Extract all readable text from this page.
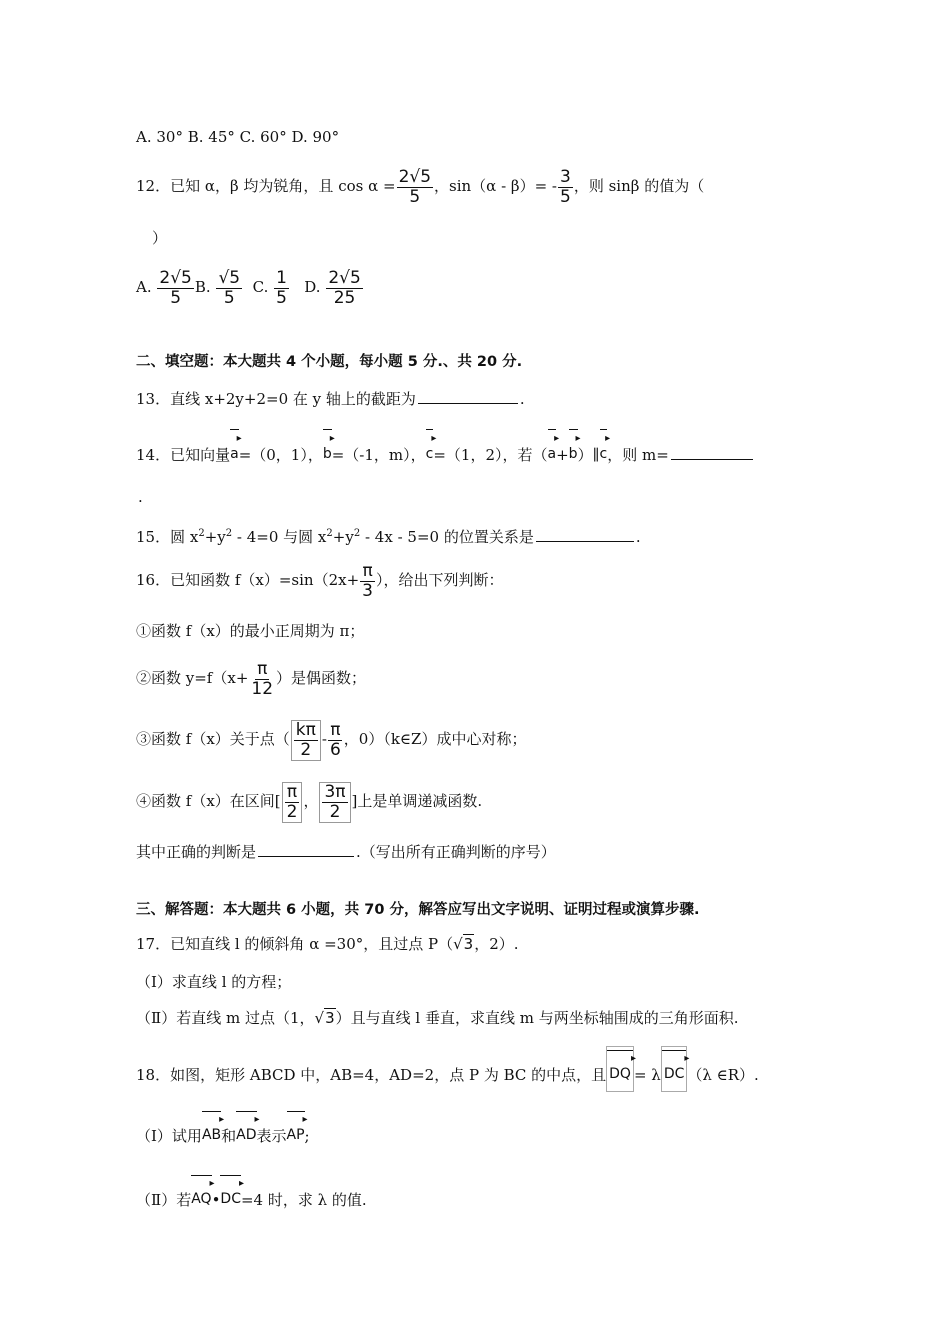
A. 30° B. 45° C. 60° D. 90°
12．已知 α，β 均为锐角，且 $\cos \alpha = \frac{2√5}{5}$ ，$\sin(\alpha - \beta)= - \frac{3}{5}$ ，则 sinβ 的值为（
）
A. $\frac{2√5}{5} B$. $\frac{√5}{5} C$. $\frac{1}{5} D$. $\frac{2√5}{25}$
二、填空题：本大题共 4 个小题，每小题 5 分.、共 20 分.
13．直线 x+2y+2=0 在 y 轴上的截距为	.
14．已知向量a ▸=（0，1），b ▸=（-1，m），c ▸=（1，2），若（a ▸+b ▸）∥c ▸，则 m=
.
15．圆 $x^2+y^2 - 4=0$ 与圆 $x^2+y^2 - 4x - 5=0$ 的位置关系是	.
16．已知函数 $f(x)=\sin(2x+ \frac{\pi}{3}$ ），给出下列判断：
①函数 f（x）的最小正周期为 π；
②函数 $y=f(x+ \frac{\pi}{12}$ ）是偶函数；
③函数 f（x）关于点（ $\frac{k\pi}{2} - \frac{\pi}{6}$ ，0）（k∈Z）成中心对称；
④函数 f（x）在区间[ $\frac{\pi}{2}$ ， $\frac{3\pi}{2}$ ]上是单调递减函数.
其中正确的判断是	.（写出所有正确判断的序号）
三、解答题：本大题共 6 小题，共 70 分，解答应写出文字说明、证明过程或演算步骤.
17．已知直线 l 的倾斜角 α =30°，且过点 P（√3，2）.
（Ⅰ）求直线 l 的方程；
（Ⅱ）若直线 m 过点（1，√3）且与直线 l 垂直，求直线 m 与两坐标轴围成的三角形面积.
18．如图，矩形 ABCD 中，AB=4，AD=2，点 P 为 BC 的中点，且 DQ ▸ = λ DC ▸ （λ ∈R）.
（Ⅰ）试用AB ▸和AD ▸表示AP ▸;
（Ⅱ）若AQ ▸•DC ▸=4 时，求 λ 的值.
